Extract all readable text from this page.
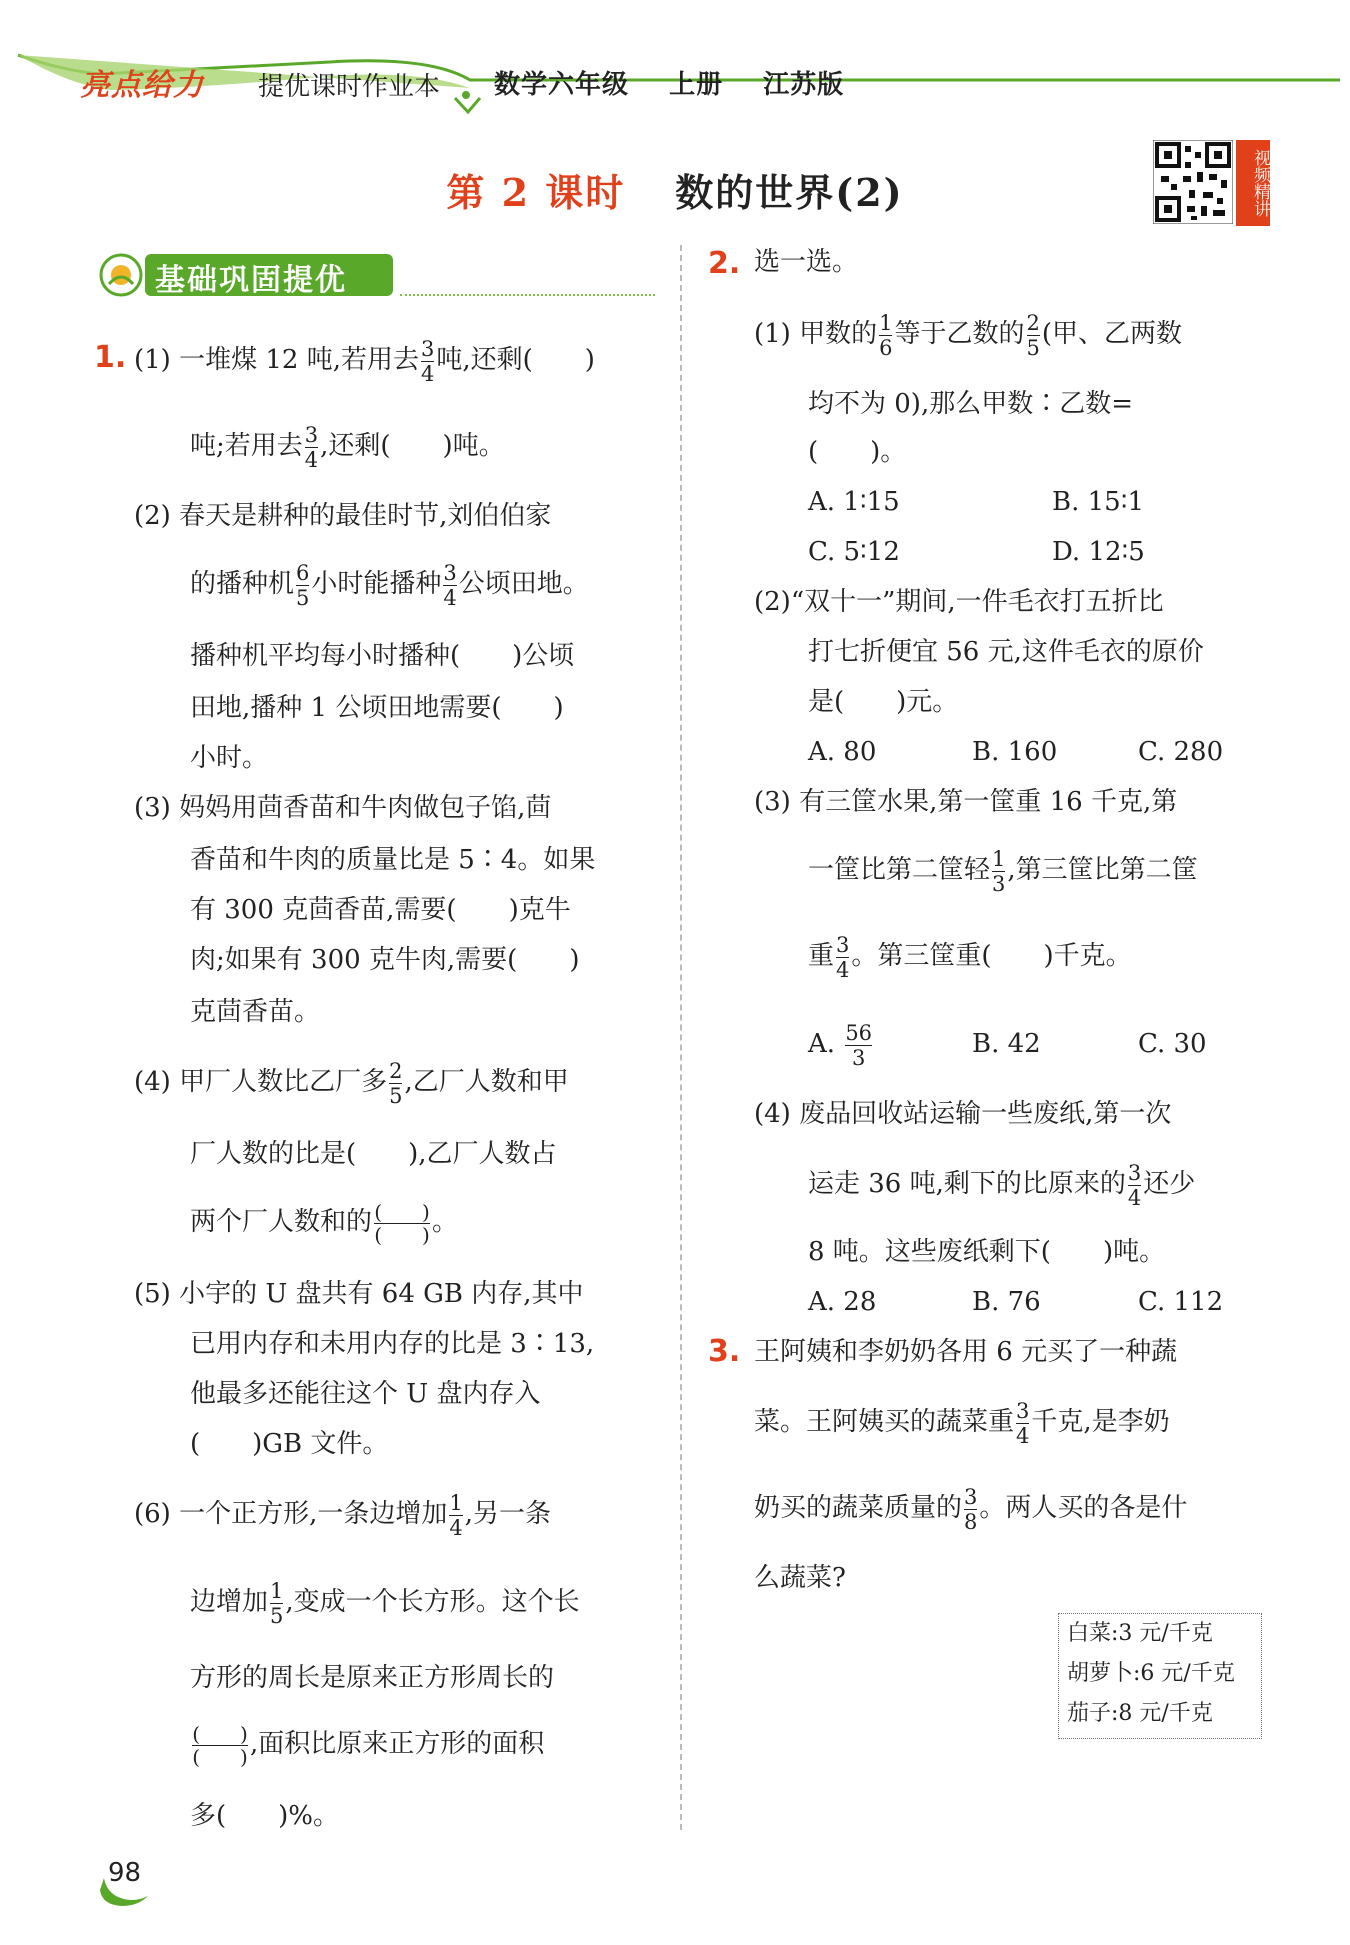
亮点给力 提优课时作业本 数学六年级 上册 江苏版
第 2 课时 数的世界(2)	视频精讲
基础巩固提优
1. (1) 一堆煤 12 吨,若用去 $\frac{3}{4}$ 吨,还剩(　　)
吨;若用去 $\frac{3}{4}$ ,还剩(　　)吨。
(2) 春天是耕种的最佳时节,刘伯伯家
的播种机 $\frac{6}{5}$ 小时能播种 $\frac{3}{4}$ 公顷田地。
播种机平均每小时播种(　　)公顷
田地,播种 1 公顷田地需要(　　)
小时。
(3) 妈妈用茴香苗和牛肉做包子馅,茴
香苗和牛肉的质量比是 5∶4。如果
有 300 克茴香苗,需要(　　)克牛
肉;如果有 300 克牛肉,需要(　　)
克茴香苗。
(4) 甲厂人数比乙厂多 $\frac{2}{5}$ ,乙厂人数和甲
厂人数的比是(　　),乙厂人数占
两个厂人数和的 (　　)
(　　) 。
(5) 小宇的 U 盘共有 64 GB 内存,其中
已用内存和未用内存的比是 3∶13,
他最多还能往这个 U 盘内存入
(　　)GB 文件。
(6) 一个正方形,一条边增加 $\frac{1}{4}$ ,另一条
边增加 $\frac{1}{5}$ ,变成一个长方形。这个长
方形的周长是原来正方形周长的
(　　)
(　　) ,面积比原来正方形的面积
多(　　)%。
2. 选一选。
(1) 甲数的 $\frac{1}{6}$ 等于乙数的 $\frac{2}{5}$ (甲、乙两数
均不为 0),那么甲数∶乙数=
(　　)。
A. 1∶15	B. 15∶1
C. 5∶12	D. 12∶5
(2)“双十一”期间,一件毛衣打五折比
打七折便宜 56 元,这件毛衣的原价
是(　　)元。
A. 80	B. 160	C. 280
(3) 有三筐水果,第一筐重 16 千克,第
一筐比第二筐轻 $\frac{1}{3}$ ,第三筐比第二筐
重 $\frac{3}{4}$ 。第三筐重(　　)千克。
A. $\frac{56}{3}$	B. 42	C. 30
(4) 废品回收站运输一些废纸,第一次
运走 36 吨,剩下的比原来的 $\frac{3}{4}$ 还少
8 吨。这些废纸剩下(　　)吨。
A. 28	B. 76	C. 112
3. 王阿姨和李奶奶各用 6 元买了一种蔬
菜。王阿姨买的蔬菜重 $\frac{3}{4}$ 千克,是李奶
奶买的蔬菜质量的 $\frac{3}{8}$ 。两人买的各是什
么蔬菜?
白菜:3 元/千克
胡萝卜:6 元/千克
茄子:8 元/千克
98
